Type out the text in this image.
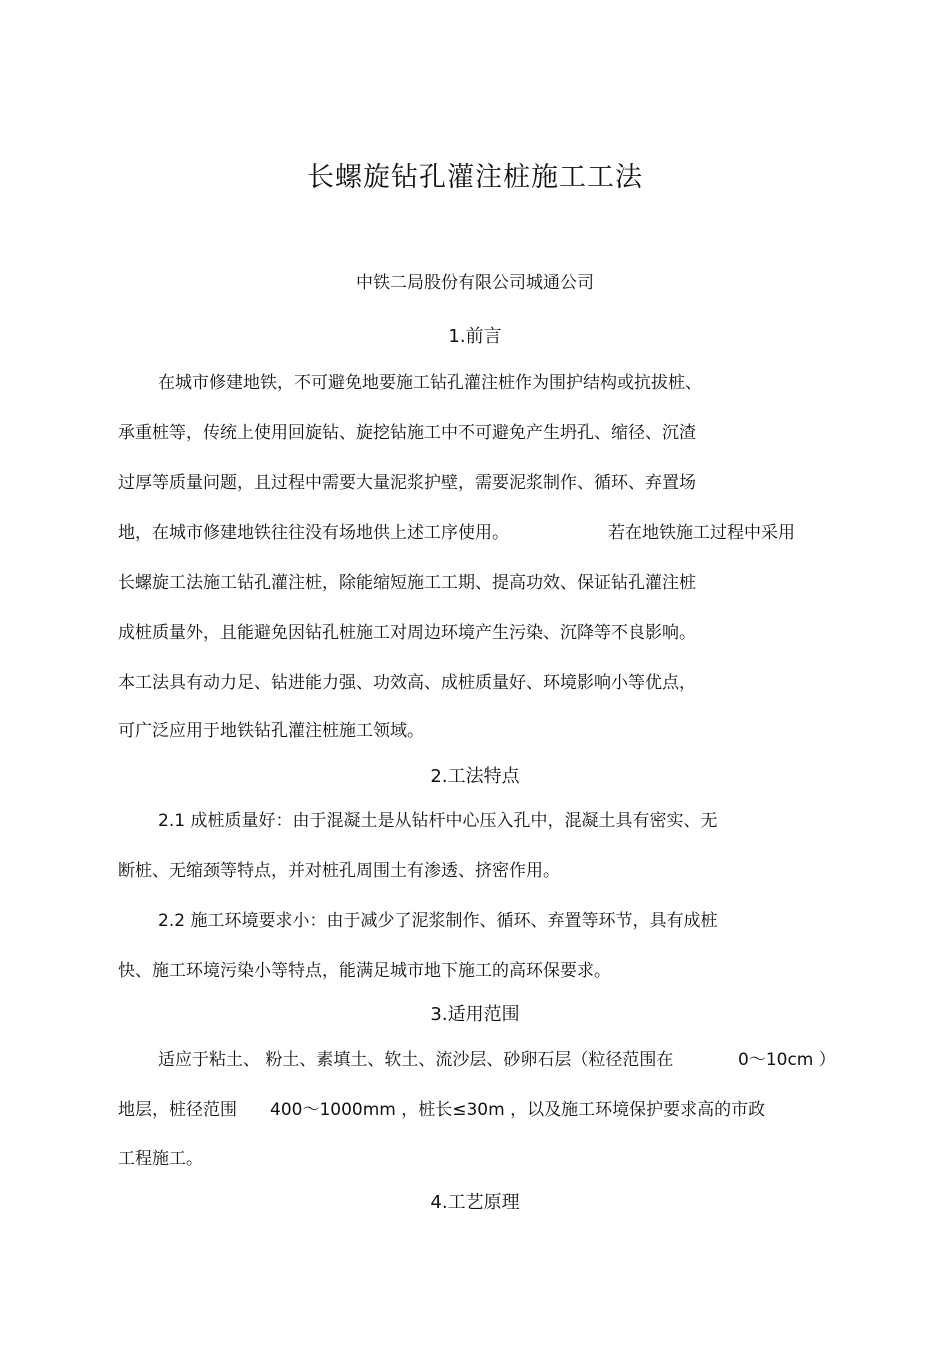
长螺旋钻孔灌注桩施工工法
中铁二局股份有限公司城通公司
1.前言
在城市修建地铁，不可避免地要施工钻孔灌注桩作为围护结构或抗拔桩、
承重桩等，传统上使用回旋钻、旋挖钻施工中不可避免产生坍孔、缩径、沉渣
过厚等质量问题，且过程中需要大量泥浆护壁，需要泥浆制作、循环、弃置场
地，在城市修建地铁往往没有场地供上述工序使用。	若在地铁施工过程中采用
长螺旋工法施工钻孔灌注桩，除能缩短施工工期、提高功效、保证钻孔灌注桩
成桩质量外，且能避免因钻孔桩施工对周边环境产生污染、沉降等不良影响。
本工法具有动力足、钻进能力强、功效高、成桩质量好、环境影响小等优点，
可广泛应用于地铁钻孔灌注桩施工领域。
2.工法特点
2.1 成桩质量好：由于混凝土是从钻杆中心压入孔中，混凝土具有密实、无
断桩、无缩颈等特点，并对桩孔周围土有渗透、挤密作用。
2.2 施工环境要求小：由于减少了泥浆制作、循环、弃置等环节，具有成桩
快、施工环境污染小等特点，能满足城市地下施工的高环保要求。
3.适用范围
适应于粘土、 粉土、素填土、软土、流沙层、砂卵石层（粒径范围在	0～10cm ）
地层，桩径范围 400～1000mm ，桩长≤30m ，以及施工环境保护要求高的市政
工程施工。
4.工艺原理
